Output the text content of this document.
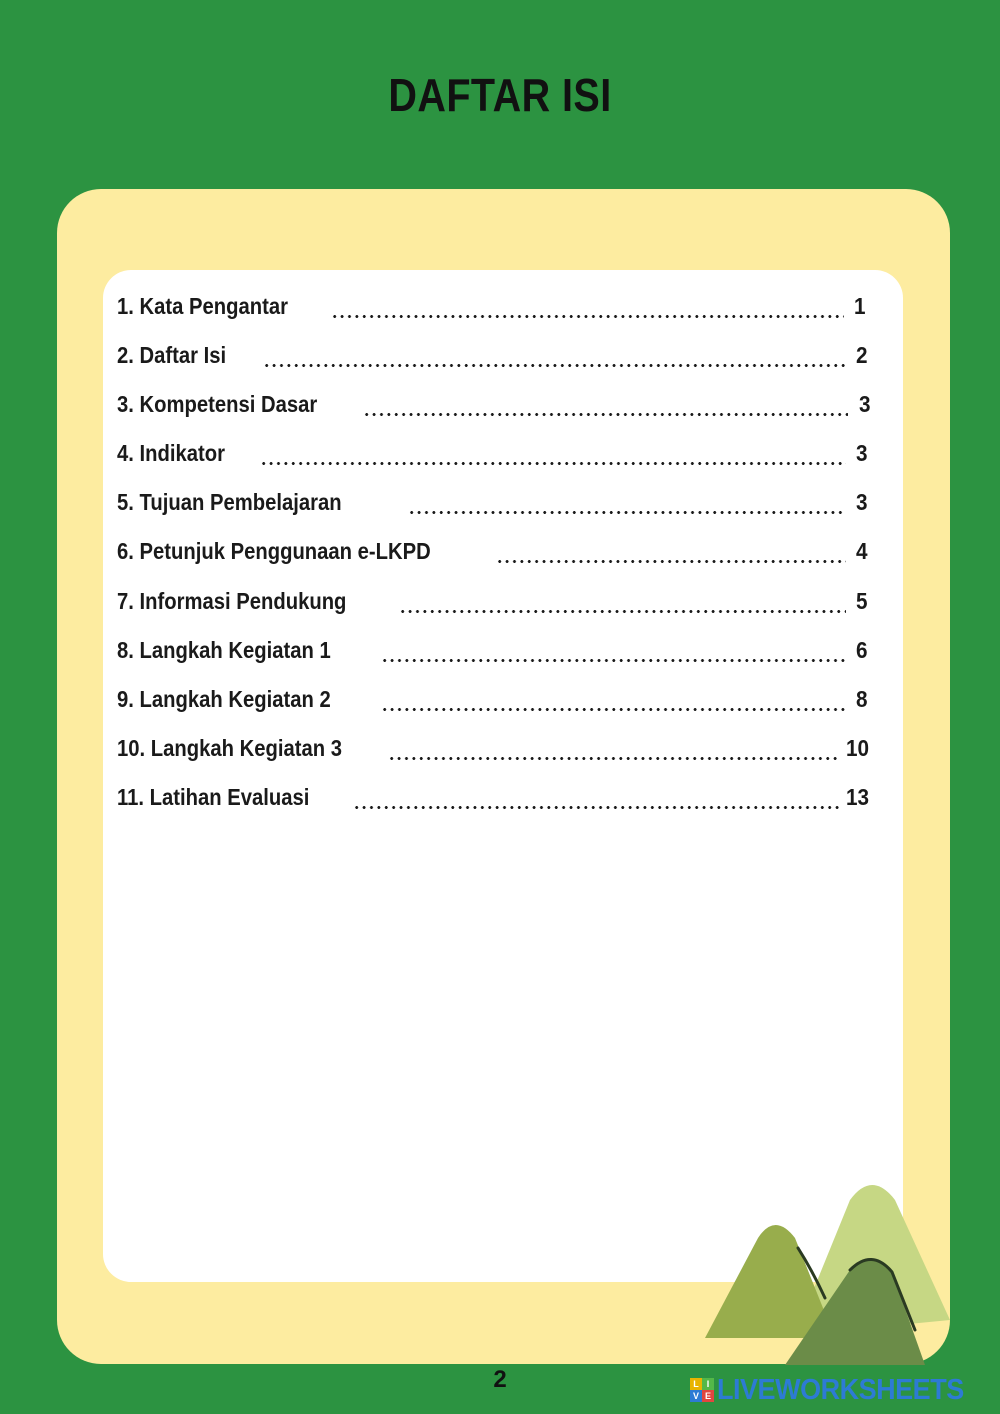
DAFTAR ISI
1. Kata Pengantar	1
2. Daftar Isi	2
3. Kompetensi Dasar	3
4. Indikator	3
5. Tujuan Pembelajaran	3
6. Petunjuk Penggunaan e-LKPD	4
7. Informasi Pendukung	5
8. Langkah Kegiatan 1	6
9. Langkah Kegiatan 2	8
10. Langkah Kegiatan 3	10
11. Latihan Evaluasi	13
2	L I
V E LIVEWORKSHEETS
